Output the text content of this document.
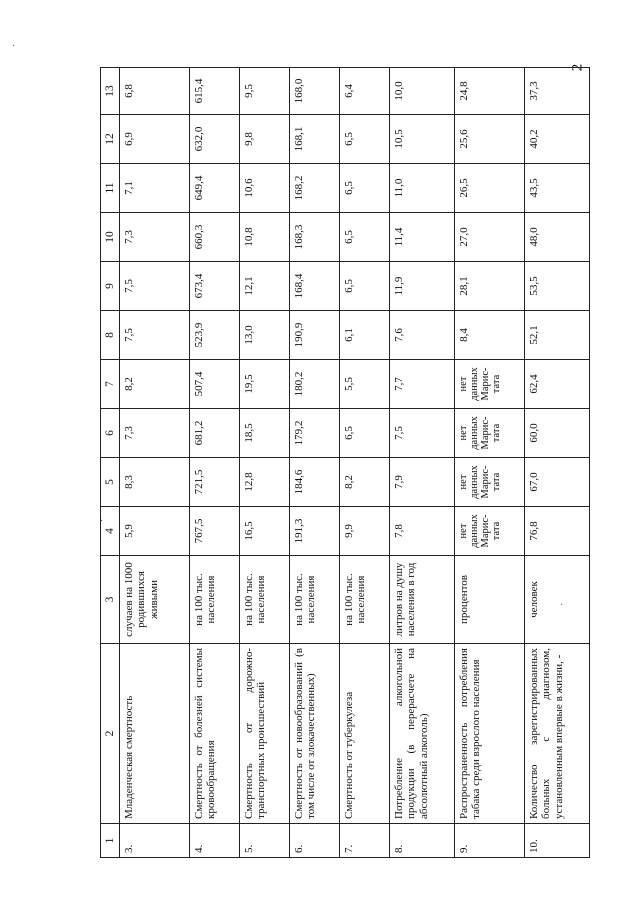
2
·
·
·
1	2	3	4	5	6	7	8	9	10	11	12	13
3.	Младенческая смертность	случаев на 1000 родившихся живыми	5,9	8,3	7,3	8,2	7,5	7,5	7,3	7,1	6,9	6,8
4.	Смертность от болезней системы кровообращения	на 100 тыс. населения	767,5	721,5	681,2	507,4	523,9	673,4	660,3	649,4	632,0	615,4
5.	Смертность от дорожно-транспортных происшествий	на 100 тыс. населения	16,5	12,8	18,5	19,5	13,0	12,1	10,8	10,6	9,8	9,5
6.	Смертность от новообразований (в том числе от злокачественных)	на 100 тыс. населения	191,3	184,6	179,2	180,2	190,9	168,4	168,3	168,2	168,1	168,0
7.	Смертность от туберкулеза	на 100 тыс. населения	9,9	8,2	6,5	5,5	6,1	6,5	6,5	6,5	6,5	6,4
8.	Потребление алкогольной продукции (в перерасчете на абсолютный алкоголь)	литров на душу населения в год	7,8	7,9	7,5	7,7	7,6	11,9	11,4	11,0	10,5	10,0
9.	Распространенность потребления табака среди взрослого населения	процентов	нет
данных
Марис-
тата	нет
данных
Марис-
тата	нет
данных
Марис-
тата	нет
данных
Марис-
тата	8,4	28,1	27,0	26,5	25,6	24,8
10.	Количество зарегистрированных больных с диагнозом, установленным впервые в жизни, -	человек	76,8	67,0	60,0	62,4	52,1	53,5	48,0	43,5	40,2	37,3
